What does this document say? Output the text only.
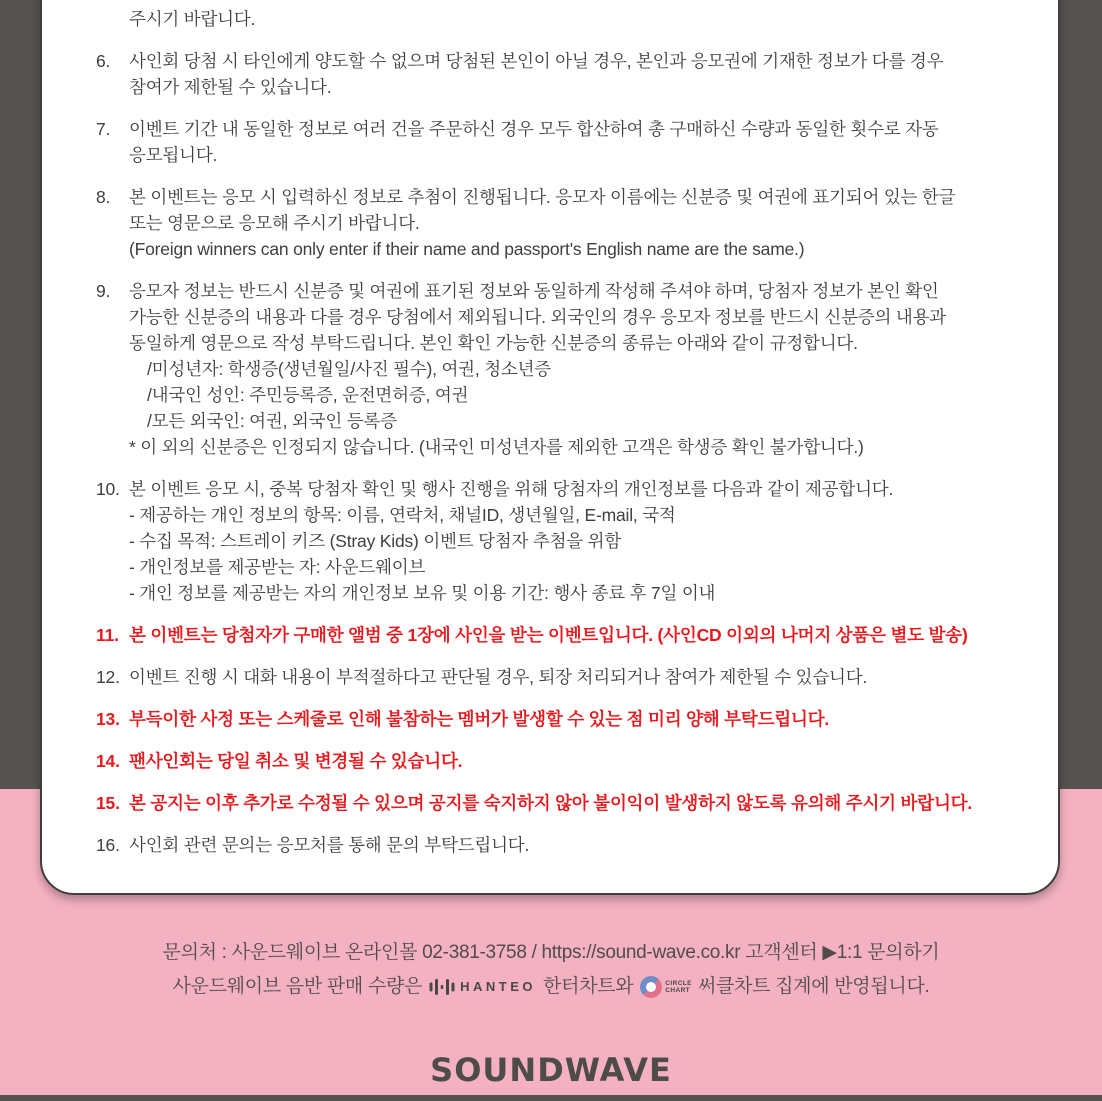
주시기 바랍니다.
6.	사인회 당첨 시 타인에게 양도할 수 없으며 당첨된 본인이 아닐 경우, 본인과 응모권에 기재한 정보가 다를 경우
참여가 제한될 수 있습니다.
7.	이벤트 기간 내 동일한 정보로 여러 건을 주문하신 경우 모두 합산하여 총 구매하신 수량과 동일한 횟수로 자동
응모됩니다.
8.	본 이벤트는 응모 시 입력하신 정보로 추첨이 진행됩니다. 응모자 이름에는 신분증 및 여권에 표기되어 있는 한글
또는 영문으로 응모해 주시기 바랍니다.
(Foreign winners can only enter if their name and passport's English name are the same.)
9.	응모자 정보는 반드시 신분증 및 여권에 표기된 정보와 동일하게 작성해 주셔야 하며, 당첨자 정보가 본인 확인
가능한 신분증의 내용과 다를 경우 당첨에서 제외됩니다. 외국인의 경우 응모자 정보를 반드시 신분증의 내용과
동일하게 영문으로 작성 부탁드립니다. 본인 확인 가능한 신분증의 종류는 아래와 같이 규정합니다.
/미성년자: 학생증(생년월일/사진 필수), 여권, 청소년증
/내국인 성인: 주민등록증, 운전면허증, 여권
/모든 외국인: 여권, 외국인 등록증
* 이 외의 신분증은 인정되지 않습니다. (내국인 미성년자를 제외한 고객은 학생증 확인 불가합니다.)
10. 본 이벤트 응모 시, 중복 당첨자 확인 및 행사 진행을 위해 당첨자의 개인정보를 다음과 같이 제공합니다.
- 제공하는 개인 정보의 항목: 이름, 연락처, 채널ID, 생년월일, E-mail, 국적
- 수집 목적: 스트레이 키즈 (Stray Kids) 이벤트 당첨자 추첨을 위함
- 개인정보를 제공받는 자: 사운드웨이브
- 개인 정보를 제공받는 자의 개인정보 보유 및 이용 기간: 행사 종료 후 7일 이내
11. 본 이벤트는 당첨자가 구매한 앨범 중 1장에 사인을 받는 이벤트입니다. (사인CD 이외의 나머지 상품은 별도 발송)
12. 이벤트 진행 시 대화 내용이 부적절하다고 판단될 경우, 퇴장 처리되거나 참여가 제한될 수 있습니다.
13. 부득이한 사정 또는 스케줄로 인해 불참하는 멤버가 발생할 수 있는 점 미리 양해 부탁드립니다.
14. 팬사인회는 당일 취소 및 변경될 수 있습니다.
15. 본 공지는 이후 추가로 수정될 수 있으며 공지를 숙지하지 않아 불이익이 발생하지 않도록 유의해 주시기 바랍니다.
16. 사인회 관련 문의는 응모처를 통해 문의 부탁드립니다.
문의처 : 사운드웨이브 온라인몰 02-381-3758 / https://sound-wave.co.kr 고객센터 ▶1:1 문의하기
사운드웨이브 음반 판매 수량은	HANTEO 한터차트와	CIRCLE
CHART 써클차트 집계에 반영됩니다.
SOUNDWAVE
